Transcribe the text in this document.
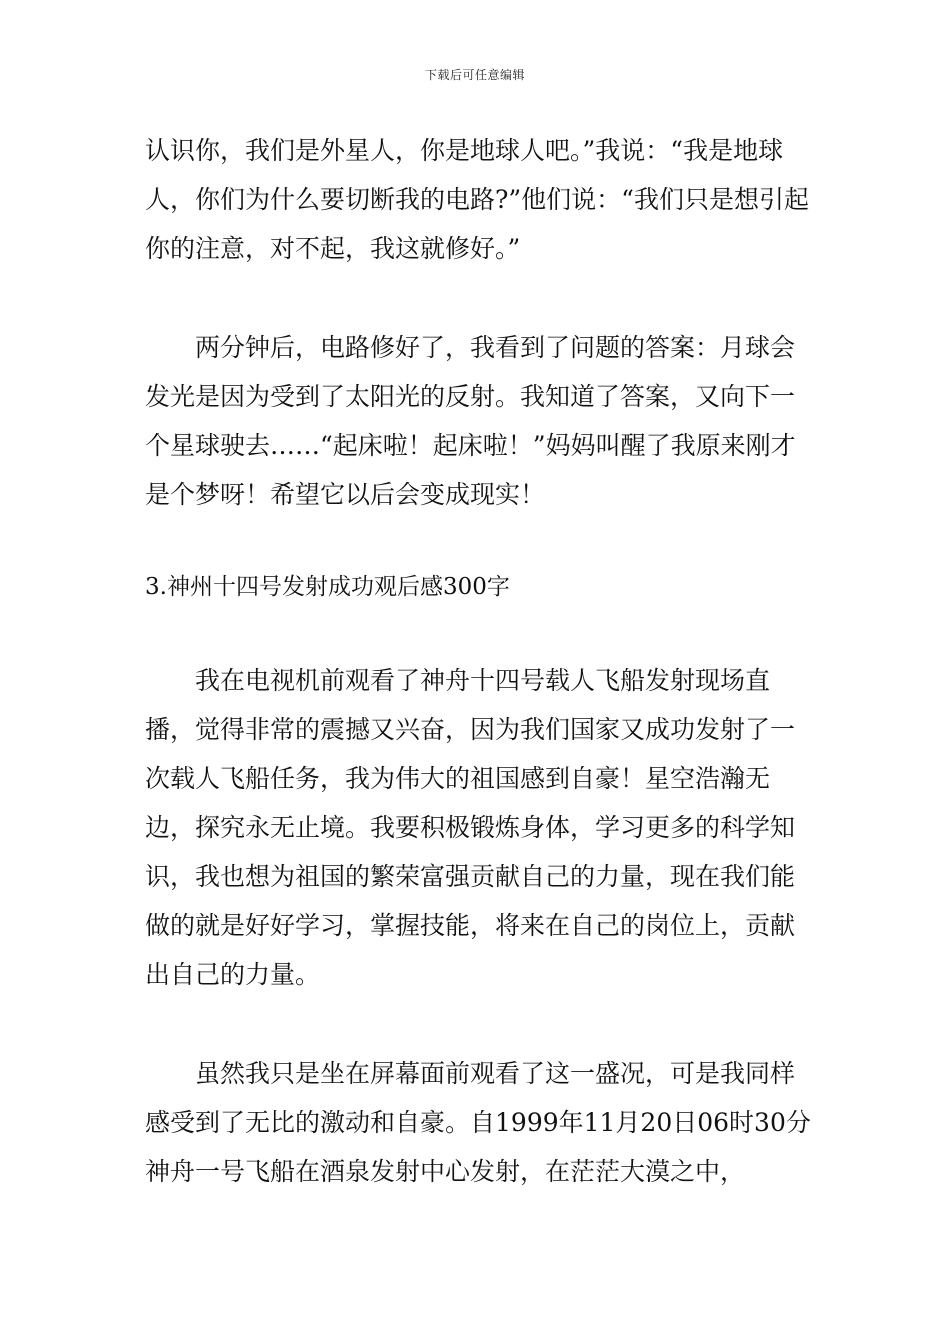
下载后可任意编辑

认识你，我们是外星人，你是地球人吧。”我说：“我是地球人，你们为什么要切断我的电路?”他们说：“我们只是想引起你的注意，对不起，我这就修好。”

两分钟后，电路修好了，我看到了问题的答案：月球会发光是因为受到了太阳光的反射。我知道了答案，又向下一个星球驶去……“起床啦！起床啦！”妈妈叫醒了我原来刚才是个梦呀！希望它以后会变成现实！

3.神州十四号发射成功观后感300字

我在电视机前观看了神舟十四号载人飞船发射现场直播，觉得非常的震撼又兴奋，因为我们国家又成功发射了一次载人飞船任务，我为伟大的祖国感到自豪！星空浩瀚无边，探究永无止境。我要积极锻炼身体，学习更多的科学知识，我也想为祖国的繁荣富强贡献自己的力量，现在我们能做的就是好好学习，掌握技能，将来在自己的岗位上，贡献出自己的力量。

虽然我只是坐在屏幕面前观看了这一盛况，可是我同样感受到了无比的激动和自豪。自1999年11月20日06时30分神舟一号飞船在酒泉发射中心发射，在茫茫大漠之中，
